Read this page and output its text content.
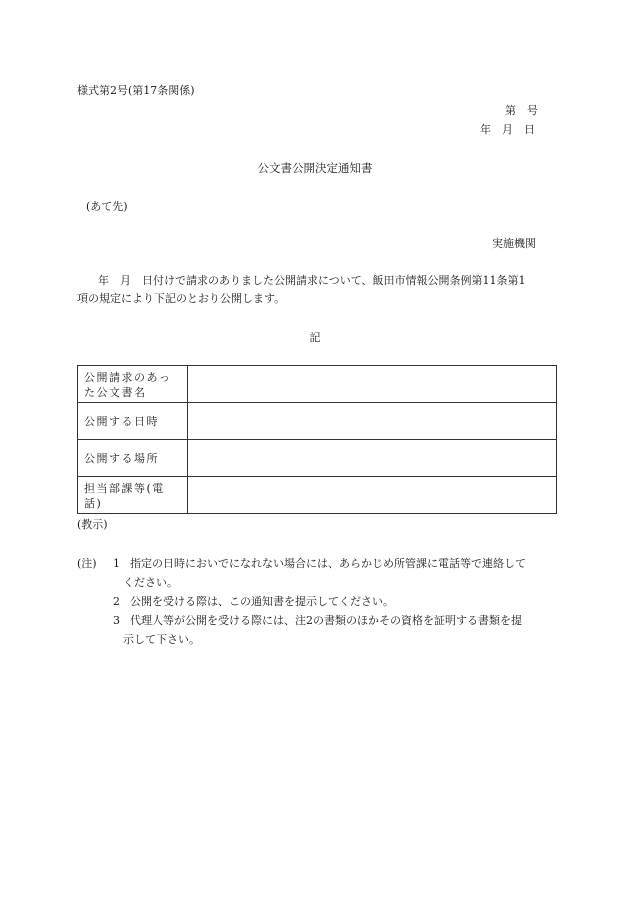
様式第2号(第17条関係)
第　号
年　月　日
公文書公開決定通知書
(あて先)
実施機関
年　月　日付けで請求のありました公開請求について、飯田市情報公開条例第11条第1
項の規定により下記のとおり公開します。
記
公開請求のあった公文書名	
公開する日時	
公開する場所	
担当部課等(電話)	
(教示)
(注) 1 指定の日時においでになれない場合には、あらかじめ所管課に電話等で連絡して
ください。
2 公開を受ける際は、この通知書を提示してください。
3 代理人等が公開を受ける際には、注2の書類のほかその資格を証明する書類を提
示して下さい。
